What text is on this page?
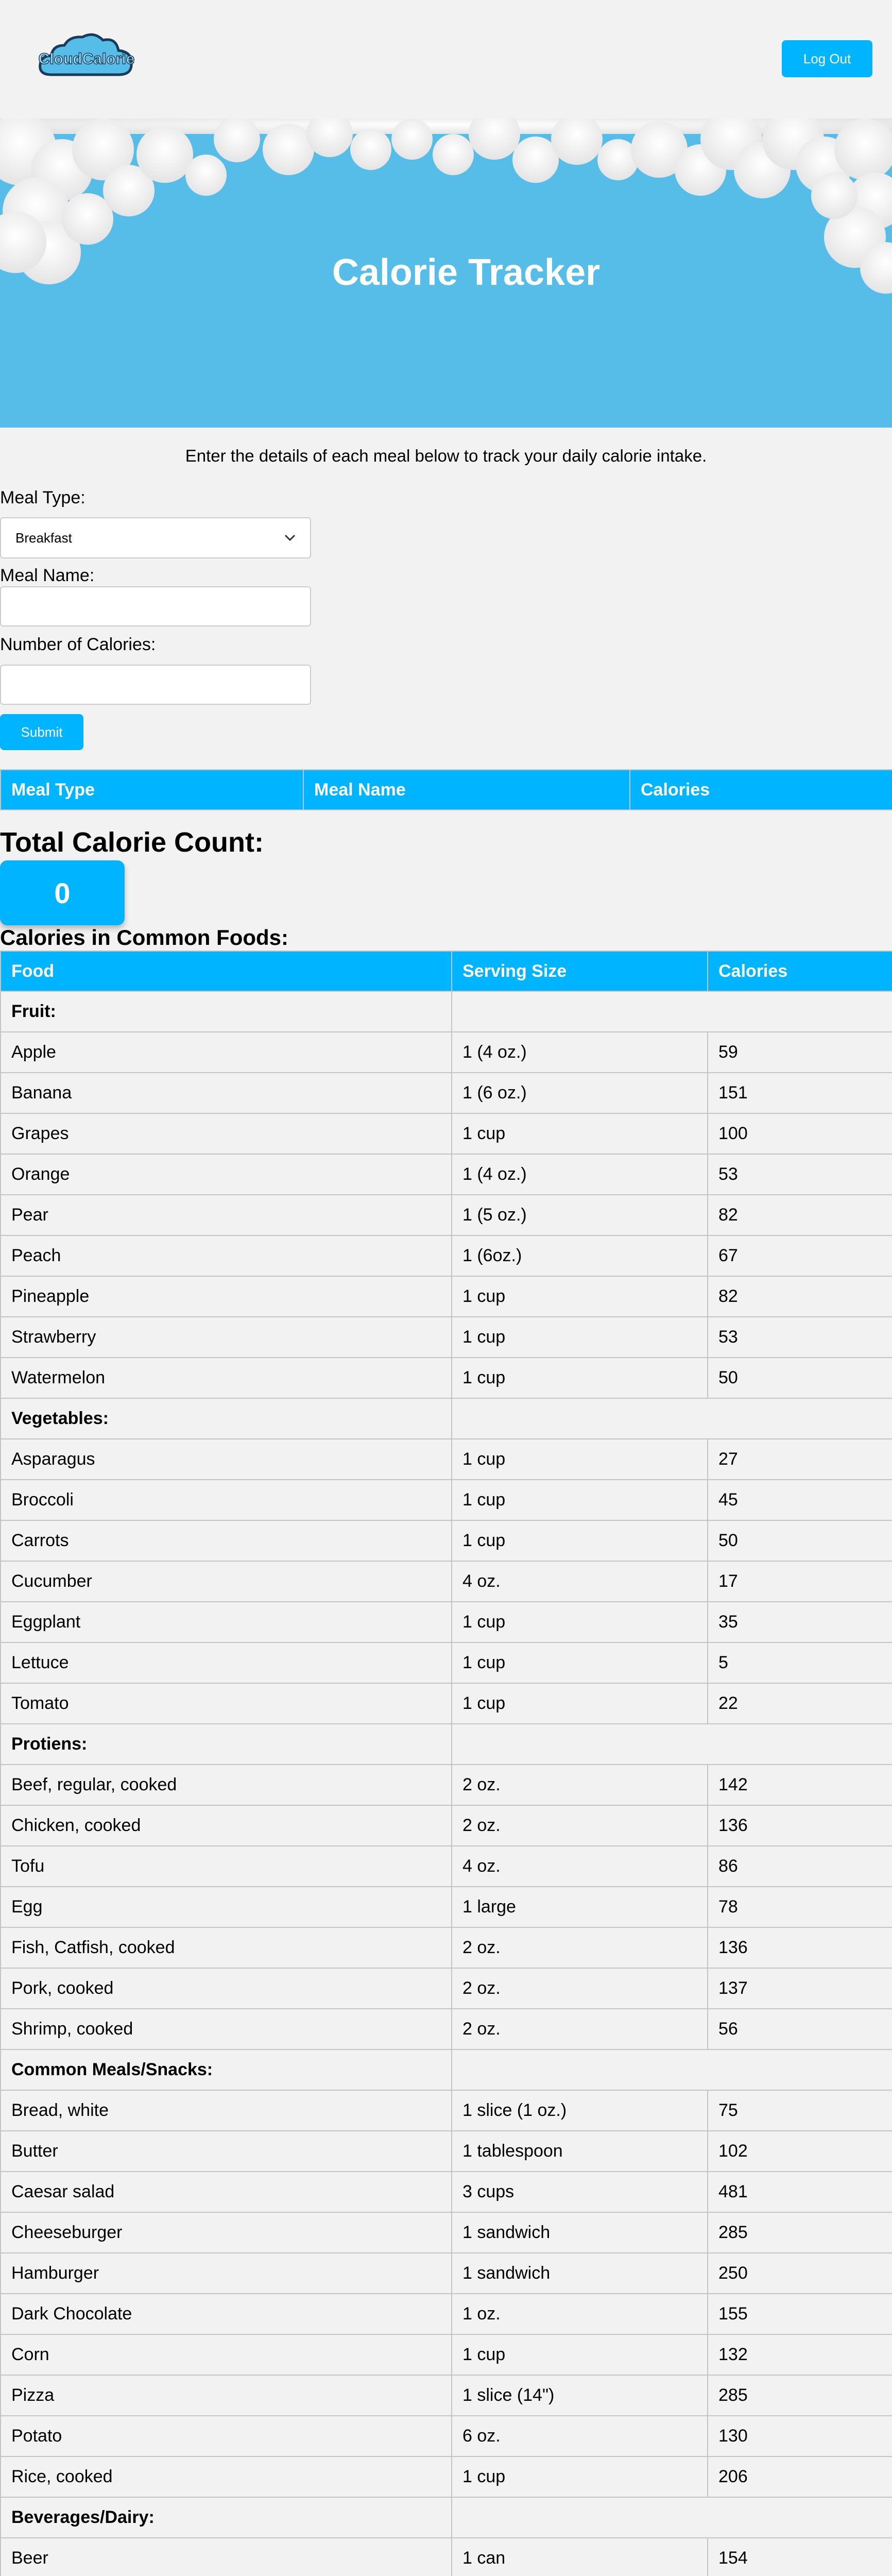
CloudCalorie	Log Out
Calorie Tracker
Enter the details of each meal below to track your daily calorie intake.
Meal Type:
Breakfast
Meal Name:
Number of Calories:
Submit
Meal Type	Meal Name	Calories
Total Calorie Count:
0
Calories in Common Foods:
Food	Serving Size	Calories
Fruit:		
Apple	1 (4 oz.)	59
Banana	1 (6 oz.)	151
Grapes	1 cup	100
Orange	1 (4 oz.)	53
Pear	1 (5 oz.)	82
Peach	1 (6oz.)	67
Pineapple	1 cup	82
Strawberry	1 cup	53
Watermelon	1 cup	50
Vegetables:		
Asparagus	1 cup	27
Broccoli	1 cup	45
Carrots	1 cup	50
Cucumber	4 oz.	17
Eggplant	1 cup	35
Lettuce	1 cup	5
Tomato	1 cup	22
Protiens:		
Beef, regular, cooked	2 oz.	142
Chicken, cooked	2 oz.	136
Tofu	4 oz.	86
Egg	1 large	78
Fish, Catfish, cooked	2 oz.	136
Pork, cooked	2 oz.	137
Shrimp, cooked	2 oz.	56
Common Meals/Snacks:		
Bread, white	1 slice (1 oz.)	75
Butter	1 tablespoon	102
Caesar salad	3 cups	481
Cheeseburger	1 sandwich	285
Hamburger	1 sandwich	250
Dark Chocolate	1 oz.	155
Corn	1 cup	132
Pizza	1 slice (14")	285
Potato	6 oz.	130
Rice, cooked	1 cup	206
Beverages/Dairy:		
Beer	1 can	154
